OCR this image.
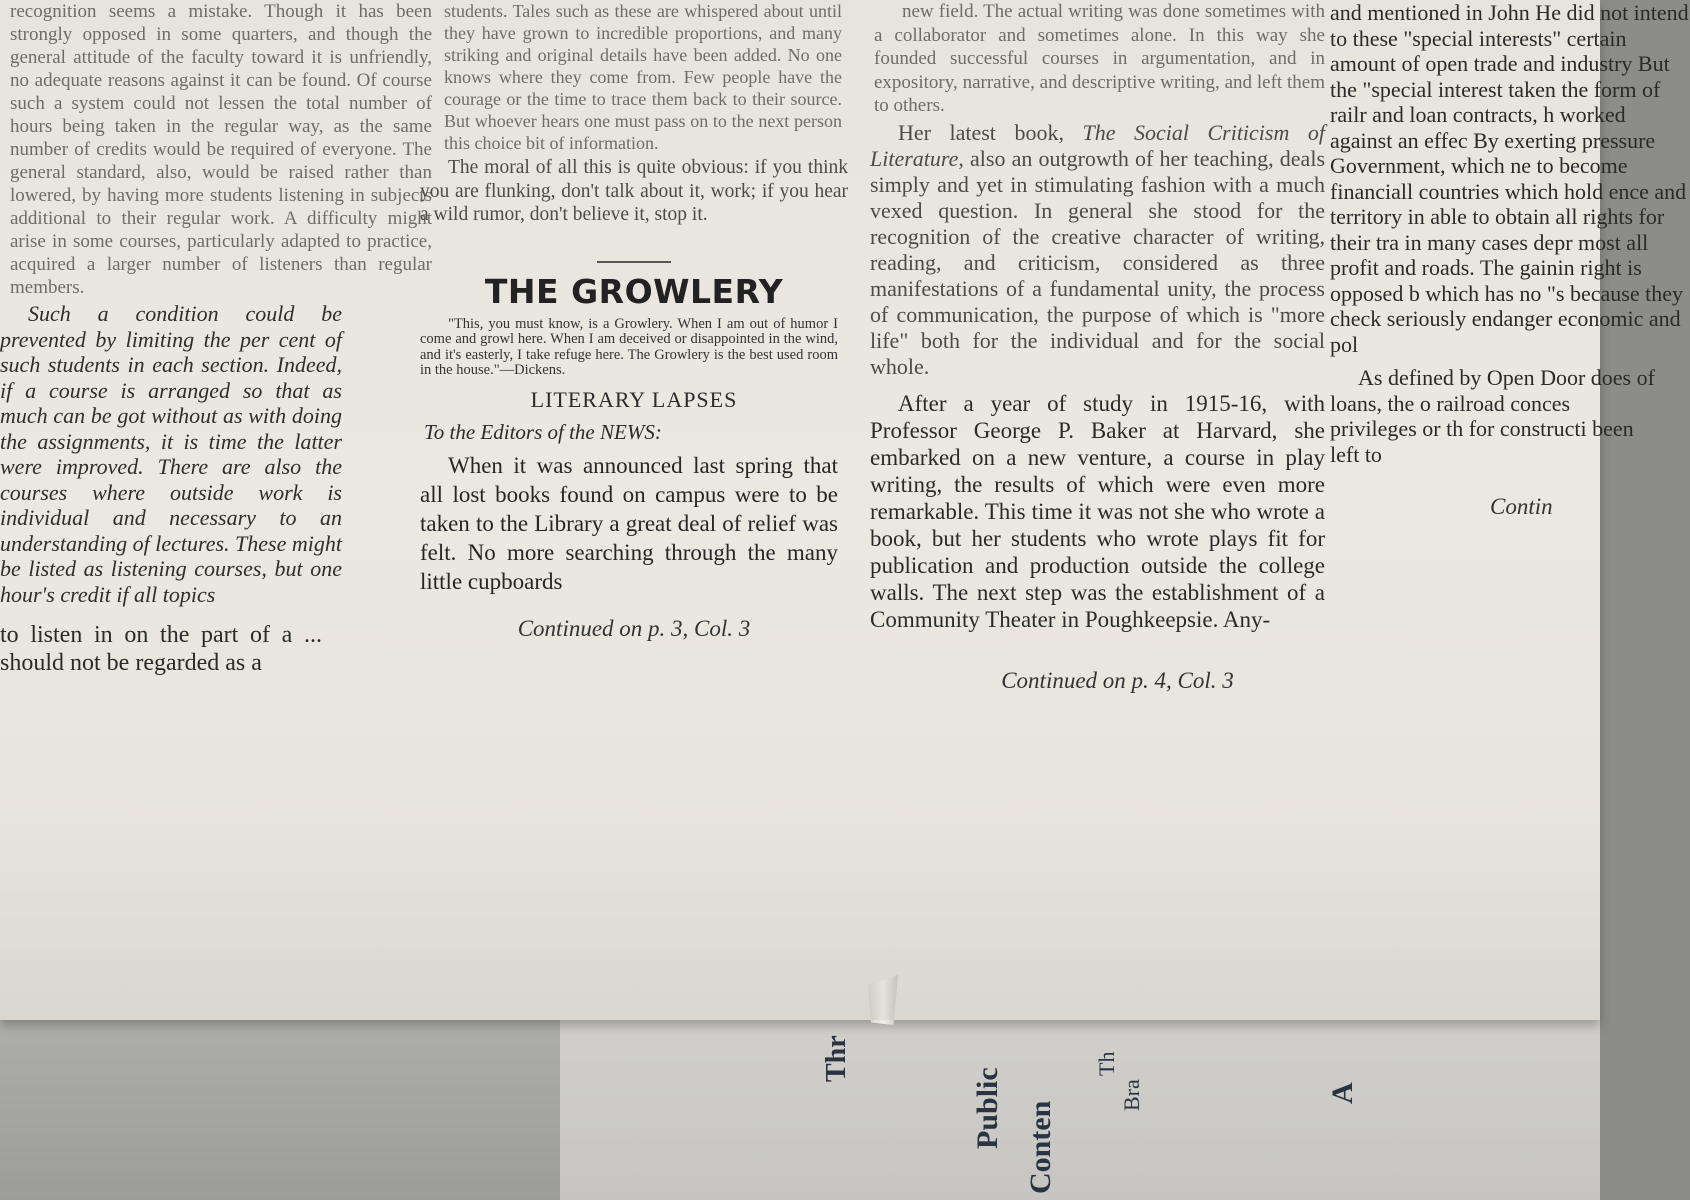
Thr
Public Conten
Th
Bra	A

recognition seems a mistake. Though it has been strongly opposed in some quarters, and though the general attitude of the faculty toward it is unfriendly, no adequate reasons against it can be found. Of course such a system could not lessen the total number of hours being taken in the regular way, as the same number of credits would be required of everyone. The general standard, also, would be raised rather than lowered, by having more students listening in subjects additional to their regular work. A difficulty might arise in some courses, particularly adapted to practice, acquired a larger number of listeners than regular members.

Such a condition could be prevented by limiting the per cent of such students in each section. Indeed, if a course is arranged so that as much can be got without as with doing the assignments, it is time the latter were improved. There are also the courses where outside work is individual and necessary to an understanding of lectures. These might be listed as listening courses, but one hour's credit if all topics

to listen in on the part of a ... should not be regarded as a

students. Tales such as these are whispered about until they have grown to incredible proportions, and many striking and original details have been added. No one knows where they come from. Few people have the courage or the time to trace them back to their source. But whoever hears one must pass on to the next person this choice bit of information.

The moral of all this is quite obvious: if you think you are flunking, don't talk about it, work; if you hear a wild rumor, don't believe it, stop it.

THE GROWLERY

"This, you must know, is a Growlery. When I am out of humor I come and growl here. When I am deceived or disappointed in the wind, and it's easterly, I take refuge here. The Growlery is the best used room in the house."—Dickens.

LITERARY LAPSES
To the Editors of the NEWS:

When it was announced last spring that all lost books found on campus were to be taken to the Library a great deal of relief was felt. No more searching through the many little cupboards

Continued on p. 3, Col. 3

new field. The actual writing was done sometimes with a collaborator and sometimes alone. In this way she founded successful courses in argumentation, and in expository, narrative, and descriptive writing, and left them to others.

Her latest book, The Social Criticism of Literature, also an outgrowth of her teaching, deals simply and yet in stimulating fashion with a much vexed question. In general she stood for the recognition of the creative character of writing, reading, and criticism, considered as three manifestations of a fundamental unity, the process of communication, the purpose of which is "more life" both for the individual and for the social whole.

After a year of study in 1915-16, with Professor George P. Baker at Harvard, she embarked on a new venture, a course in play writing, the results of which were even more remarkable. This time it was not she who wrote a book, but her students who wrote plays fit for publication and production outside the college walls. The next step was the establishment of a Community Theater in Poughkeepsie. Any-

Continued on p. 4, Col. 3

and mentioned in John He did not intend to these "special interests" certain amount of open trade and industry But the "special interest taken the form of railr and loan contracts, h worked against an effec By exerting pressure Government, which ne to become financiall countries which hold ence and territory in able to obtain all rights for their tra in many cases depr most all profit and roads. The gainin right is opposed b which has no "s because they check seriously endanger economic and pol

As defined by Open Door does of loans, the o railroad conces privileges or th for constructi been left to

Contin
